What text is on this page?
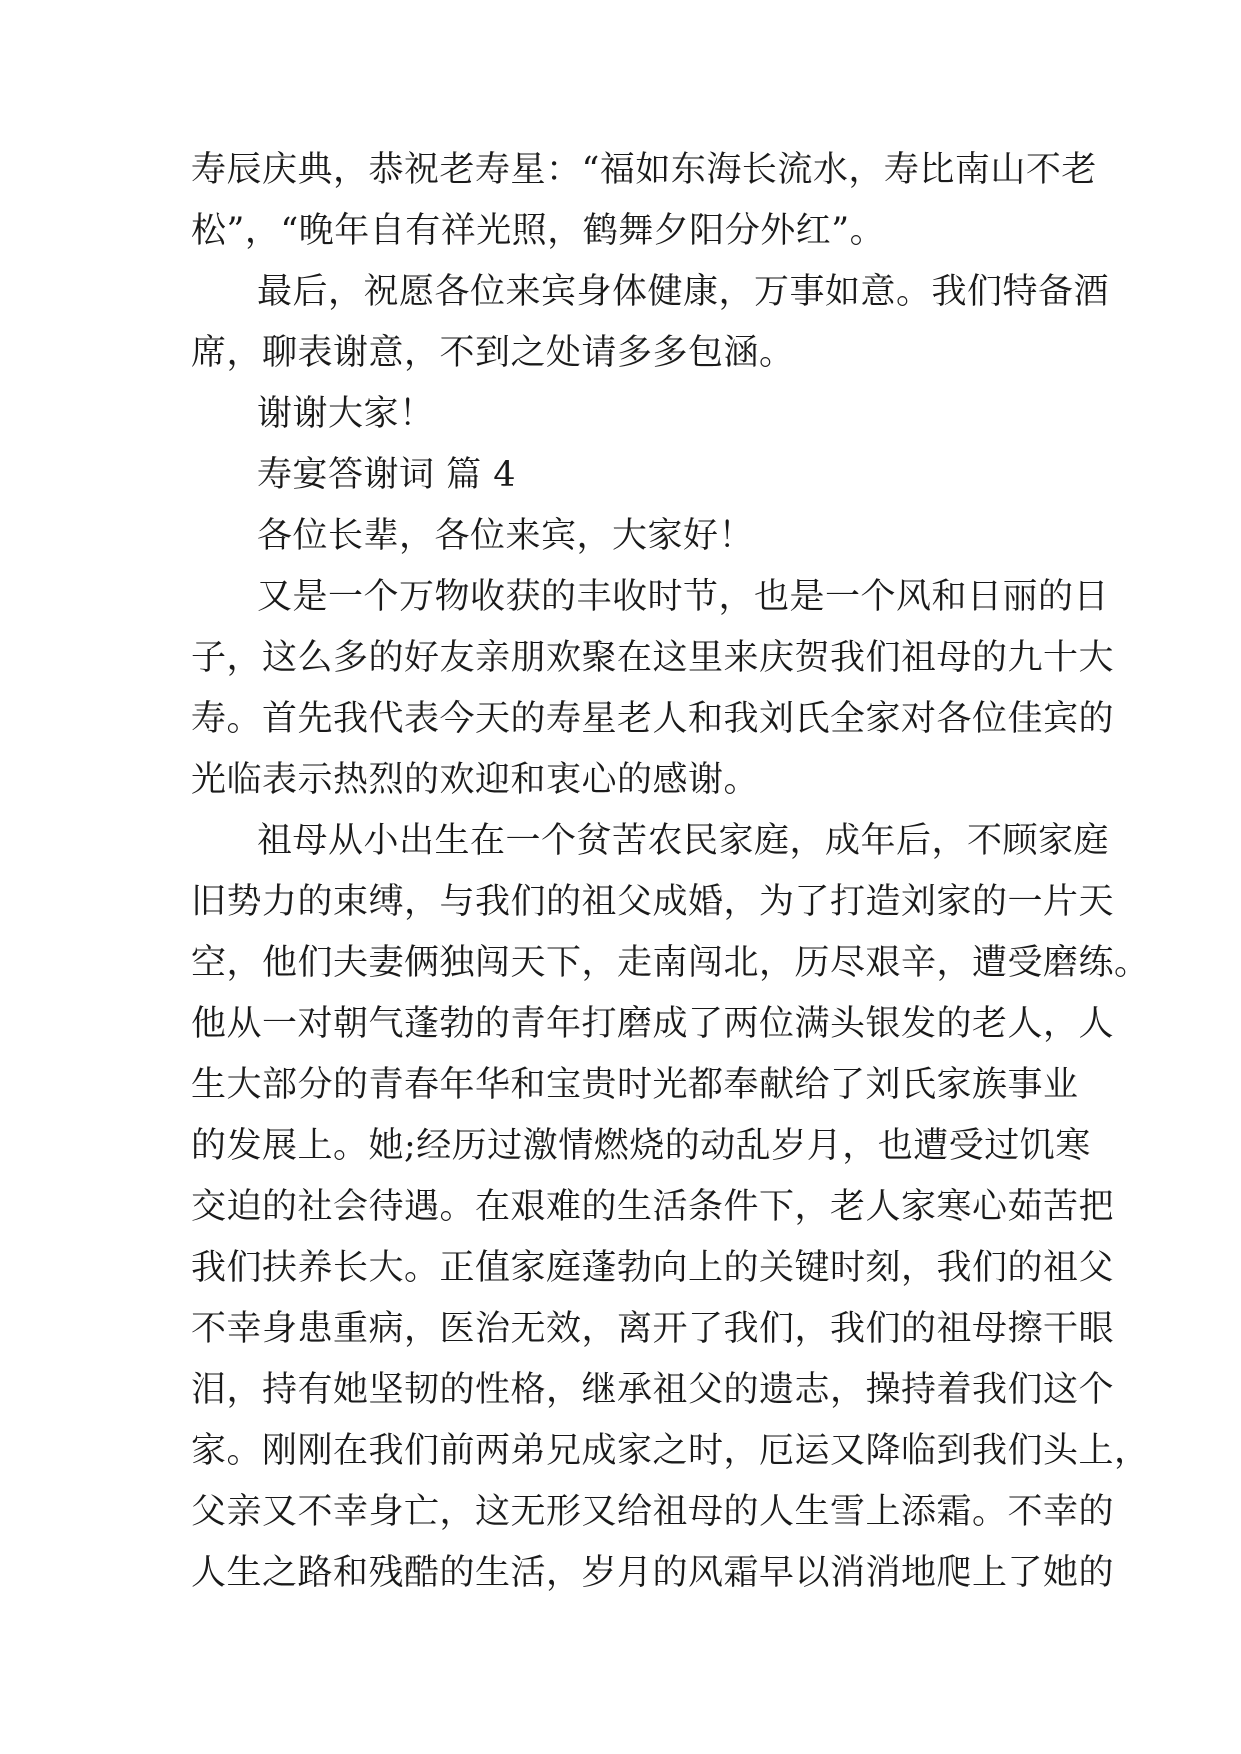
寿辰庆典，恭祝老寿星：“福如东海长流水，寿比南山不老
松”，“晚年自有祥光照，鹤舞夕阳分外红”。
最后，祝愿各位来宾身体健康，万事如意。我们特备酒
席，聊表谢意，不到之处请多多包涵。
谢谢大家！
寿宴答谢词 篇 4
各位长辈，各位来宾，大家好！
又是一个万物收获的丰收时节，也是一个风和日丽的日
子，这么多的好友亲朋欢聚在这里来庆贺我们祖母的九十大
寿。首先我代表今天的寿星老人和我刘氏全家对各位佳宾的
光临表示热烈的欢迎和衷心的感谢。
祖母从小出生在一个贫苦农民家庭，成年后，不顾家庭
旧势力的束缚，与我们的祖父成婚，为了打造刘家的一片天
空，他们夫妻俩独闯天下，走南闯北，历尽艰辛，遭受磨练。
他从一对朝气蓬勃的青年打磨成了两位满头银发的老人，人
生大部分的青春年华和宝贵时光都奉献给了刘氏家族事业
的发展上。她;经历过激情燃烧的动乱岁月，也遭受过饥寒
交迫的社会待遇。在艰难的生活条件下，老人家寒心茹苦把
我们扶养长大。正值家庭蓬勃向上的关键时刻，我们的祖父
不幸身患重病，医治无效，离开了我们，我们的祖母擦干眼
泪，持有她坚韧的性格，继承祖父的遗志，操持着我们这个
家。刚刚在我们前两弟兄成家之时，厄运又降临到我们头上，
父亲又不幸身亡，这无形又给祖母的人生雪上添霜。不幸的
人生之路和残酷的生活，岁月的风霜早以消消地爬上了她的
